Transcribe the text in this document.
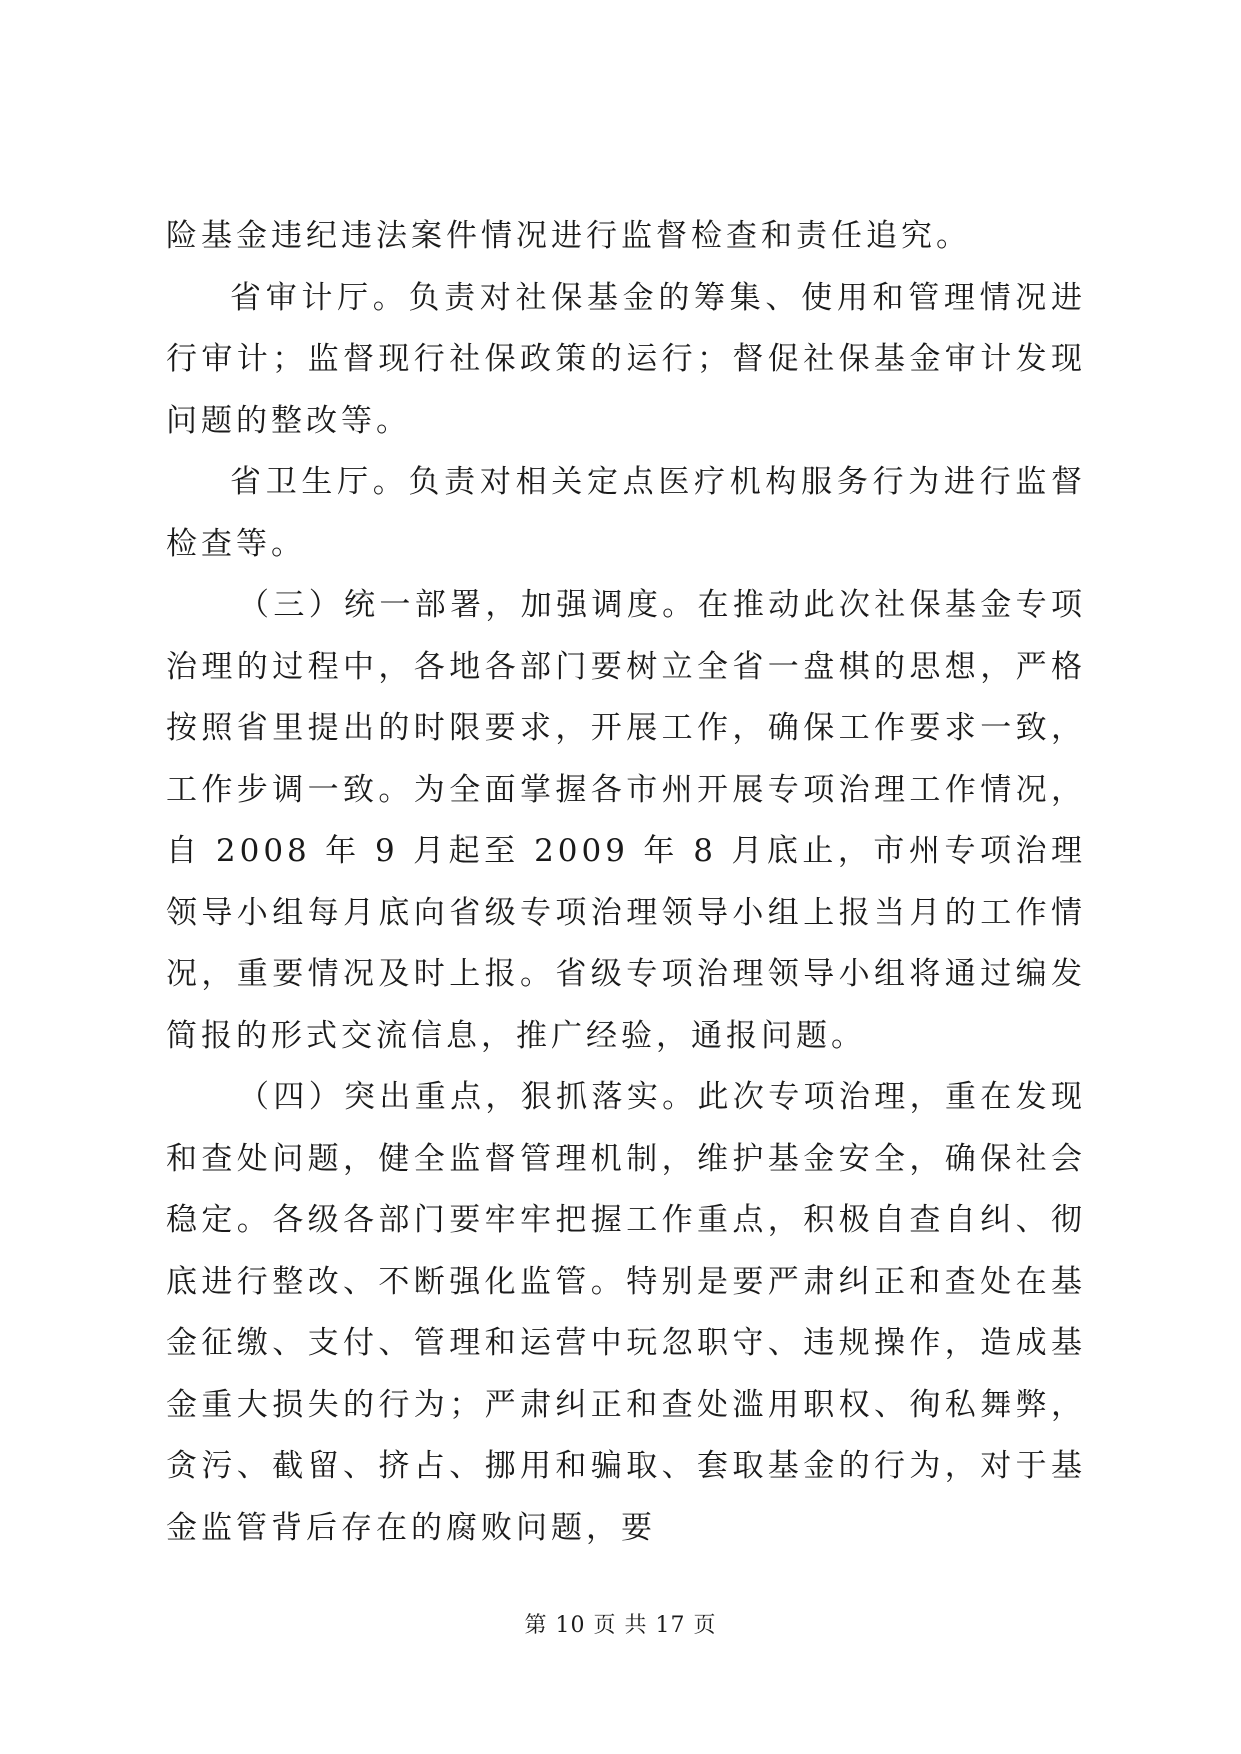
险基金违纪违法案件情况进行监督检查和责任追究。

省审计厅。负责对社保基金的筹集、使用和管理情况进行审计；监督现行社保政策的运行；督促社保基金审计发现问题的整改等。

省卫生厅。负责对相关定点医疗机构服务行为进行监督检查等。

（三）统一部署，加强调度。在推动此次社保基金专项治理的过程中，各地各部门要树立全省一盘棋的思想，严格按照省里提出的时限要求，开展工作，确保工作要求一致，工作步调一致。为全面掌握各市州开展专项治理工作情况，自 2008 年 9 月起至 2009 年 8 月底止，市州专项治理领导小组每月底向省级专项治理领导小组上报当月的工作情况，重要情况及时上报。省级专项治理领导小组将通过编发简报的形式交流信息，推广经验，通报问题。

（四）突出重点，狠抓落实。此次专项治理，重在发现和查处问题，健全监督管理机制，维护基金安全，确保社会稳定。各级各部门要牢牢把握工作重点，积极自查自纠、彻底进行整改、不断强化监管。特别是要严肃纠正和查处在基金征缴、支付、管理和运营中玩忽职守、违规操作，造成基金重大损失的行为；严肃纠正和查处滥用职权、徇私舞弊，贪污、截留、挤占、挪用和骗取、套取基金的行为，对于基金监管背后存在的腐败问题，要

第 10 页 共 17 页
